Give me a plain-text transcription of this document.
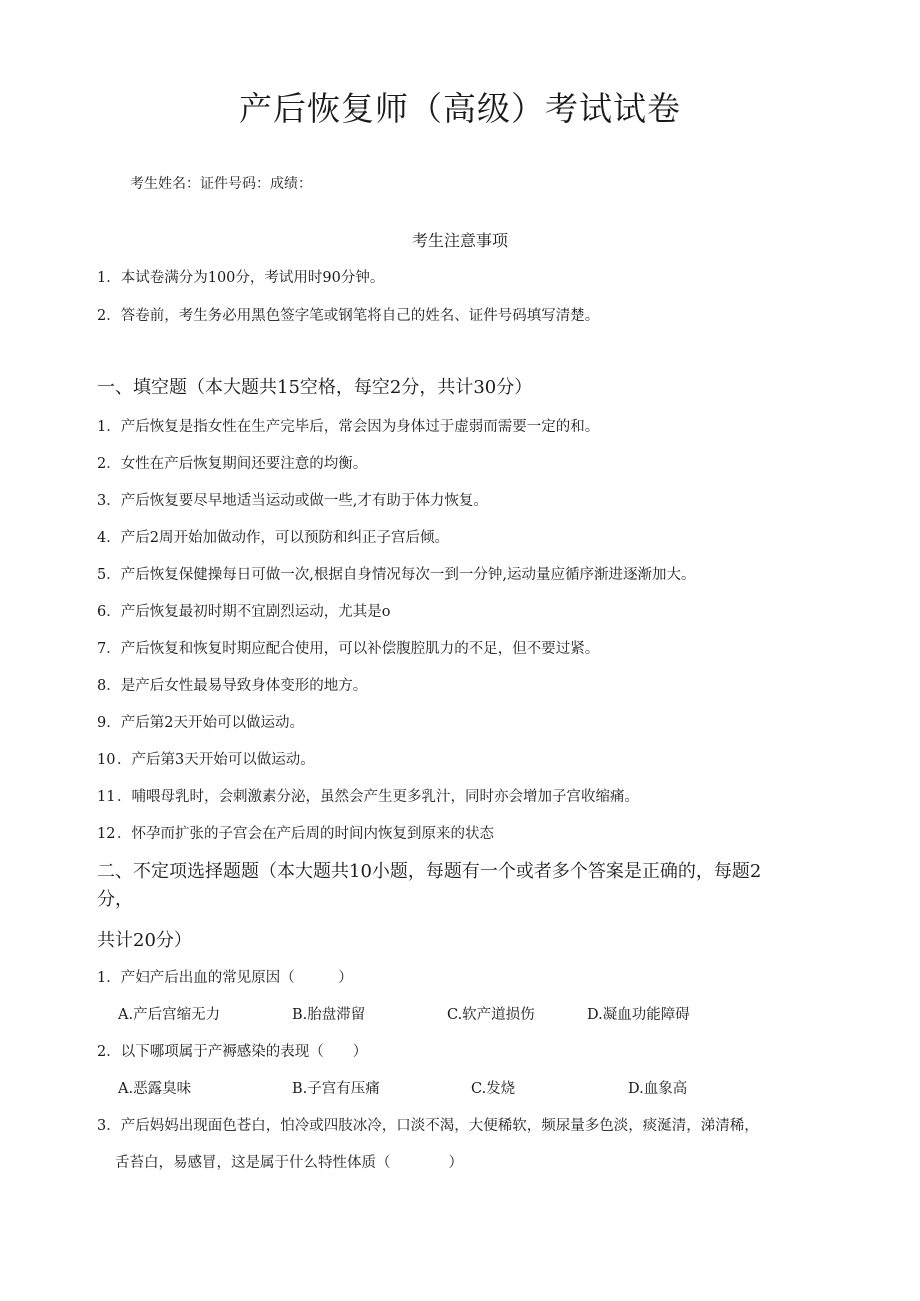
产后恢复师（高级）考试试卷
考生姓名：证件号码：成绩：
考生注意事项
1．本试卷满分为100分，考试用时90分钟。
2．答卷前，考生务必用黑色签字笔或钢笔将自己的姓名、证件号码填写清楚。
一、填空题（本大题共15空格，每空2分，共计30分）
1．产后恢复是指女性在生产完毕后，常会因为身体过于虚弱而需要一定的和。
2．女性在产后恢复期间还要注意的均衡。
3．产后恢复要尽早地适当运动或做一些,才有助于体力恢复。
4．产后2周开始加做动作，可以预防和纠正子宫后倾。
5．产后恢复保健操每日可做一次,根据自身情况每次一到一分钟,运动量应循序渐进逐渐加大。
6．产后恢复最初时期不宜剧烈运动，尤其是o
7．产后恢复和恢复时期应配合使用，可以补偿腹腔肌力的不足，但不要过紧。
8．是产后女性最易导致身体变形的地方。
9．产后第2天开始可以做运动。
10 ．产后第3天开始可以做运动。
11 ．哺喂母乳时，会刺激素分泌，虽然会产生更多乳汁，同时亦会增加子宫收缩痛。
12 ．怀孕而扩张的子宫会在产后周的时间内恢复到原来的状态
二、不定项选择题题（本大题共10小题，每题有一个或者多个答案是正确的，每题2
分，
共计20分）
1．产妇产后出血的常见原因（　　　）
A.产后宫缩无力	B.胎盘滞留	C.软产道损伤	D.凝血功能障碍
2．以下哪项属于产褥感染的表现（　　）
A.恶露臭味	B.子宫有压痛	C.发烧	D.血象高
3．产后妈妈出现面色苍白，怕冷或四肢冰冷，口淡不渴，大便稀软，频尿量多色淡，痰涎清，涕清稀，
舌苔白，易感冒，这是属于什么特性体质（　　　　）
